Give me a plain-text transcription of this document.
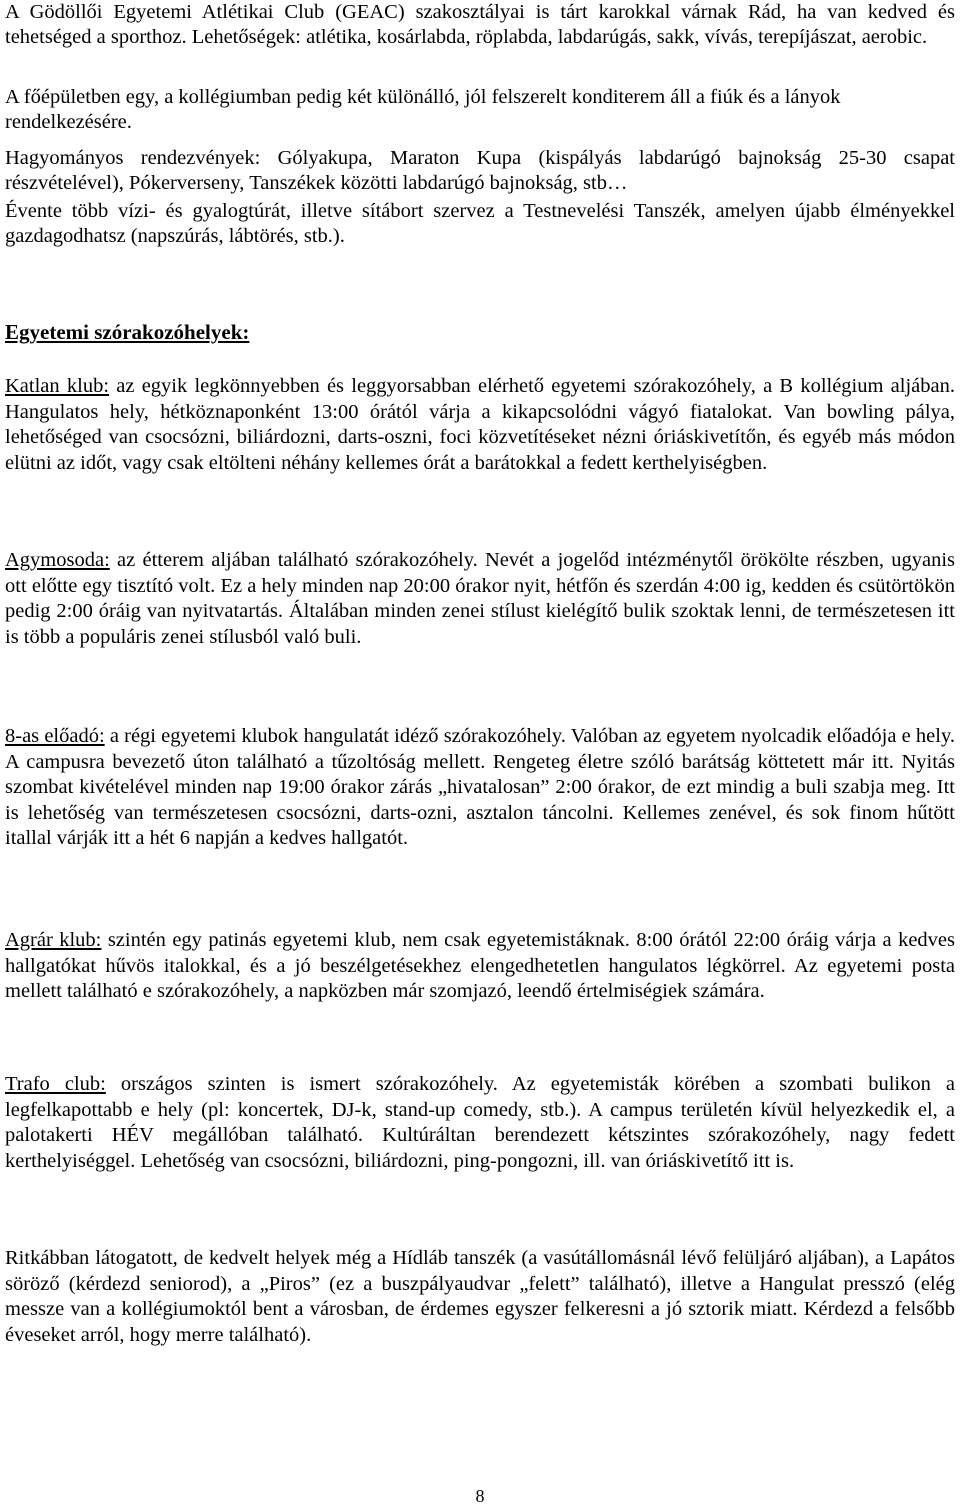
A Gödöllői Egyetemi Atlétikai Club (GEAC) szakosztályai is tárt karokkal várnak Rád, ha van kedved és tehetséged a sporthoz. Lehetőségek: atlétika, kosárlabda, röplabda, labdarúgás, sakk, vívás, terepíjászat, aerobic.

A főépületben egy, a kollégiumban pedig két különálló, jól felszerelt konditerem áll a fiúk és a lányok rendelkezésére.

Hagyományos rendezvények: Gólyakupa, Maraton Kupa (kispályás labdarúgó bajnokság 25-30 csapat részvételével), Pókerverseny, Tanszékek közötti labdarúgó bajnokság, stb…

Évente több vízi- és gyalogtúrát, illetve sítábort szervez a Testnevelési Tanszék, amelyen újabb élményekkel gazdagodhatsz (napszúrás, lábtörés, stb.).

Egyetemi szórakozóhelyek:

Katlan klub: az egyik legkönnyebben és leggyorsabban elérhető egyetemi szórakozóhely, a B kollégium aljában. Hangulatos hely, hétköznaponként 13:00 órától várja a kikapcsolódni vágyó fiatalokat. Van bowling pálya, lehetőséged van csocsózni, biliárdozni, darts-oszni, foci közvetítéseket nézni óriáskivetítőn, és egyéb más módon elütni az időt, vagy csak eltölteni néhány kellemes órát a barátokkal a fedett kerthelyiségben.

Agymosoda: az étterem aljában található szórakozóhely. Nevét a jogelőd intézménytől örökölte részben, ugyanis ott előtte egy tisztító volt. Ez a hely minden nap 20:00 órakor nyit, hétfőn és szerdán 4:00 ig, kedden és csütörtökön pedig 2:00 óráig van nyitvatartás. Általában minden zenei stílust kielégítő bulik szoktak lenni, de természetesen itt is több a populáris zenei stílusból való buli.

8-as előadó: a régi egyetemi klubok hangulatát idéző szórakozóhely. Valóban az egyetem nyolcadik előadója e hely. A campusra bevezető úton található a tűzoltóság mellett. Rengeteg életre szóló barátság köttetett már itt. Nyitás szombat kivételével minden nap 19:00 órakor zárás „hivatalosan” 2:00 órakor, de ezt mindig a buli szabja meg. Itt is lehetőség van természetesen csocsózni, darts-ozni, asztalon táncolni. Kellemes zenével, és sok finom hűtött itallal várják itt a hét 6 napján a kedves hallgatót.

Agrár klub: szintén egy patinás egyetemi klub, nem csak egyetemistáknak. 8:00 órától 22:00 óráig várja a kedves hallgatókat hűvös italokkal, és a jó beszélgetésekhez elengedhetetlen hangulatos légkörrel. Az egyetemi posta mellett található e szórakozóhely, a napközben már szomjazó, leendő értelmiségiek számára.

Trafo club: országos szinten is ismert szórakozóhely. Az egyetemisták körében a szombati bulikon a legfelkapottabb e hely (pl: koncertek, DJ-k, stand-up comedy, stb.). A campus területén kívül helyezkedik el, a palotakerti HÉV megállóban található. Kultúráltan berendezett kétszintes szórakozóhely, nagy fedett kerthelyiséggel. Lehetőség van csocsózni, biliárdozni, ping-pongozni, ill. van óriáskivetítő itt is.

Ritkábban látogatott, de kedvelt helyek még a Hídláb tanszék (a vasútállomásnál lévő felüljáró aljában), a Lapátos söröző (kérdezd seniorod), a „Piros” (ez a buszpályaudvar „felett” található), illetve a Hangulat presszó (elég messze van a kollégiumoktól bent a városban, de érdemes egyszer felkeresni a jó sztorik miatt. Kérdezd a felsőbb éveseket arról, hogy merre található).

8
